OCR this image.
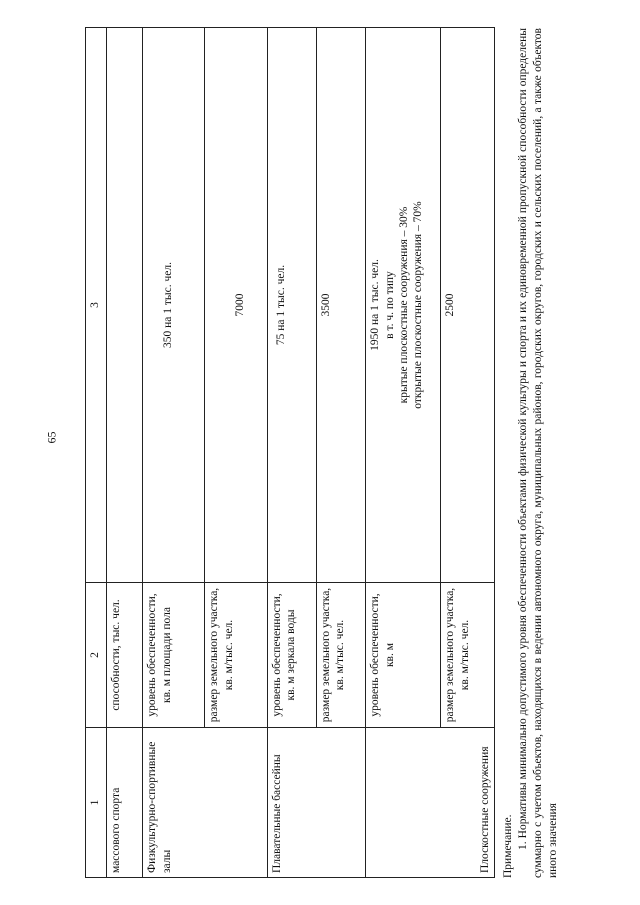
65
1	2	3
массового спорта	способности, тыс. чел.	
Физкультурно-спортивные залы	уровень обеспеченности, кв. м площади пола	350 на 1 тыс. чел.

	размер земельного участка, кв. м/тыс. чел.	7000

Плавательные бассейны	уровень обеспеченности, кв. м зеркала воды	75 на 1 тыс. чел.

	размер земельного участка, кв. м/тыс. чел.	3500

Плоскостные сооружения	уровень обеспеченности, кв. м	1950 на 1 тыс. чел. в т. ч. по типу крытые плоскостные сооружения – 30% открытые плоскостные сооружения – 70%

	размер земельного участка, кв. м/тыс. чел.	2500

Примечание. 1. Нормативы минимально допустимого уровня обеспеченности объектами физической культуры и спорта и их единовременной пропускной способности определены суммарно с учетом объектов, находящихся в ведении автономного округа, муниципальных районов, городских округов, городских и сельских поселений, а также объектов иного значения
